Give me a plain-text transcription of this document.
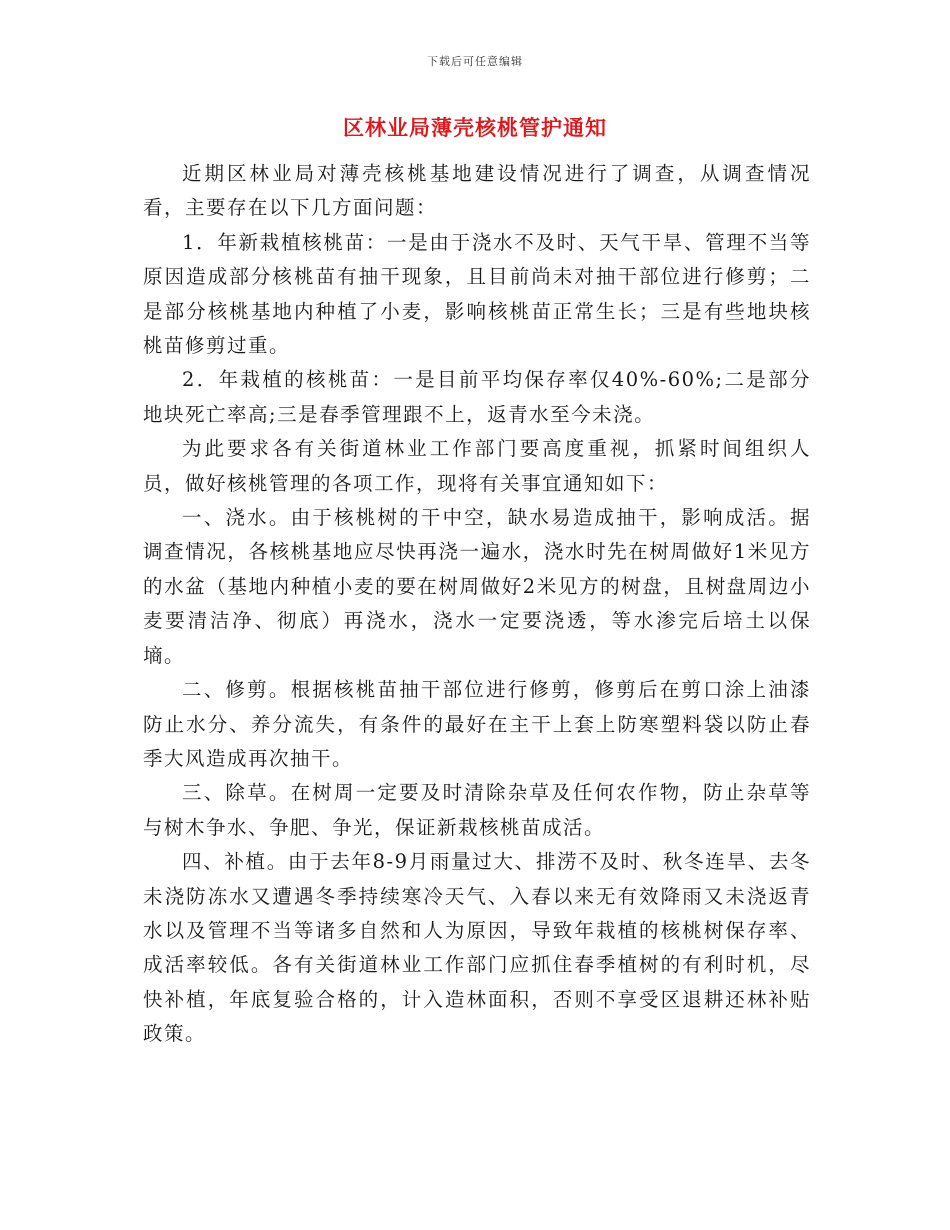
下载后可任意编辑
区林业局薄壳核桃管护通知

近期区林业局对薄壳核桃基地建设情况进行了调查，从调查情况看，主要存在以下几方面问题：

1．年新栽植核桃苗：一是由于浇水不及时、天气干旱、管理不当等原因造成部分核桃苗有抽干现象，且目前尚未对抽干部位进行修剪；二是部分核桃基地内种植了小麦，影响核桃苗正常生长；三是有些地块核桃苗修剪过重。

2．年栽植的核桃苗：一是目前平均保存率仅40%-60%;二是部分地块死亡率高;三是春季管理跟不上，返青水至今未浇。

为此要求各有关街道林业工作部门要高度重视，抓紧时间组织人员，做好核桃管理的各项工作，现将有关事宜通知如下：

一、浇水。由于核桃树的干中空，缺水易造成抽干，影响成活。据调查情况，各核桃基地应尽快再浇一遍水，浇水时先在树周做好1米见方的水盆（基地内种植小麦的要在树周做好2米见方的树盘，且树盘周边小麦要清洁净、彻底）再浇水，浇水一定要浇透，等水渗完后培土以保墒。

二、修剪。根据核桃苗抽干部位进行修剪，修剪后在剪口涂上油漆防止水分、养分流失，有条件的最好在主干上套上防寒塑料袋以防止春季大风造成再次抽干。

三、除草。在树周一定要及时清除杂草及任何农作物，防止杂草等与树木争水、争肥、争光，保证新栽核桃苗成活。

四、补植。由于去年8-9月雨量过大、排涝不及时、秋冬连旱、去冬未浇防冻水又遭遇冬季持续寒冷天气、入春以来无有效降雨又未浇返青水以及管理不当等诸多自然和人为原因，导致年栽植的核桃树保存率、成活率较低。各有关街道林业工作部门应抓住春季植树的有利时机，尽快补植，年底复验合格的，计入造林面积，否则不享受区退耕还林补贴政策。
